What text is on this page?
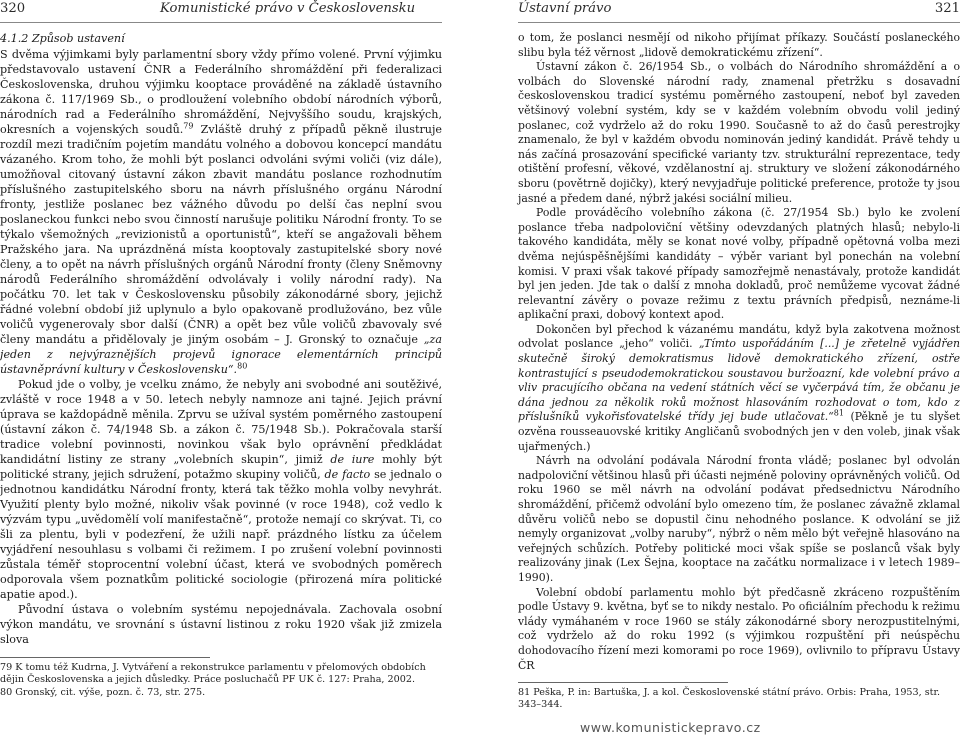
320	Komunistické právo v Československu
4.1.2 Způsob ustavení

S dvěma výjimkami byly parlamentní sbory vždy přímo volené. První výjimku představovalo ustavení ČNR a Federálního shromáždění při federalizaci Československa, druhou výjimku kooptace prováděné na základě ústavního zákona č. 117/1969 Sb., o prodloužení volebního období národních výborů, národních rad a Federálního shromáždění, Nejvyššího soudu, krajských, okresních a vojenských soudů.$^{79}$ Zvláště druhý z případů pěkně ilustruje rozdíl mezi tradičním pojetím mandátu volného a dobovou koncepcí mandátu vázaného. Krom toho, že mohli být poslanci odvoláni svými voliči (viz dále), umožňoval citovaný ústavní zákon zbavit mandátu poslance rozhodnutím příslušného zastupitelského sboru na návrh příslušného orgánu Národní fronty, jestliže poslanec bez vážného důvodu po delší čas neplní svou poslaneckou funkci nebo svou činností narušuje politiku Národní fronty. To se týkalo všemožných „revizionistů a oportunistů“, kteří se angažovali během Pražského jara. Na uprázdněná místa kooptovaly zastupitelské sbory nové členy, a to opět na návrh příslušných orgánů Národní fronty (členy Sněmovny národů Federálního shromáždění odvolávaly i volily národní rady). Na počátku 70. let tak v Československu působily zákonodárné sbory, jejichž řádné volební období již uplynulo a bylo opakovaně prodlužováno, bez vůle voličů vygenerovaly sbor další (ČNR) a opět bez vůle voličů zbavovaly své členy mandátu a přidělovaly je jiným osobám – J. Gronský to označuje „za jeden z nejvýraznějších projevů ignorace elementárních principů ústavněprávní kultury v Československu“.$^{80}$

Pokud jde o volby, je vcelku známo, že nebyly ani svobodné ani soutěživé, zvláště v roce 1948 a v 50. letech nebyly namnoze ani tajné. Jejich právní úprava se každopádně měnila. Zprvu se užíval systém poměrného zastoupení (ústavní zákon č. 74/1948 Sb. a zákon č. 75/1948 Sb.). Pokračovala starší tradice volební povinnosti, novinkou však bylo oprávnění předkládat kandidátní listiny ze strany „volebních skupin“, jimiž de iure mohly být politické strany, jejich sdružení, potažmo skupiny voličů, de facto se jednalo o jednotnou kandidátku Národní fronty, která tak těžko mohla volby nevyhrát. Využití plenty bylo možné, nikoliv však povinné (v roce 1948), což vedlo k výzvám typu „uvědomělí volí manifestačně“, protože nemají co skrývat. Ti, co šli za plentu, byli v podezření, že užili např. prázdného lístku za účelem vyjádření nesouhlasu s volbami či režimem. I po zrušení volební povinnosti zůstala téměř stoprocentní volební účast, která ve svobodných poměrech odporovala všem poznatkům politické sociologie (přirozená míra politické apatie apod.).

Původní ústava o volebním systému nepojednávala. Zachovala osobní výkon mandátu, ve srovnání s ústavní listinou z roku 1920 však již zmizela slova

79 K tomu též Kudrna, J. Vytváření a rekonstrukce parlamentu v přelomových obdobích dějin Československa a jejich důsledky. Práce posluchačů PF UK č. 127: Praha, 2002.
80 Gronský, cit. výše, pozn. č. 73, str. 275.
Ústavní právo	321

o tom, že poslanci nesmějí od nikoho přijímat příkazy. Součástí poslaneckého slibu byla též věrnost „lidově demokratickému zřízení“.

Ústavní zákon č. 26/1954 Sb., o volbách do Národního shromáždění a o volbách do Slovenské národní rady, znamenal přetržku s dosavadní československou tradicí systému poměrného zastoupení, neboť byl zaveden většinový volební systém, kdy se v každém volebním obvodu volil jediný poslanec, což vydrželo až do roku 1990. Současně to až do časů perestrojky znamenalo, že byl v každém obvodu nominován jediný kandidát. Právě tehdy u nás začíná prosazování specifické varianty tzv. strukturální reprezentace, tedy otištění profesní, věkové, vzdělanostní aj. struktury ve složení zákonodárného sboru (povětrně dojičky), který nevyjadřuje politické preference, protože ty jsou jasné a předem dané, nýbrž jakési sociální milieu.

Podle prováděcího volebního zákona (č. 27/1954 Sb.) bylo ke zvolení poslance třeba nadpoloviční většiny odevzdaných platných hlasů; nebylo-li takového kandidáta, měly se konat nové volby, případně opětovná volba mezi dvěma nejúspěšnějšími kandidáty – výběr variant byl ponechán na volební komisi. V praxi však takové případy samozřejmě nenastávaly, protože kandidát byl jen jeden. Jde tak o další z mnoha dokladů, proč nemůžeme vycovat žádné relevantní závěry o povaze režimu z textu právních předpisů, neznáme-li aplikační praxi, dobový kontext apod.

Dokončen byl přechod k vázanému mandátu, když byla zakotvena možnost odvolat poslance „jeho“ voliči. „Tímto uspořádáním [...] je zřetelně vyjádřen skutečně široký demokratismus lidově demokratického zřízení, ostře kontrastující s pseudodemokratickou soustavou buržoazní, kde volební právo a vliv pracujícího občana na vedení státních věcí se vyčerpává tím, že občanu je dána jednou za několik roků možnost hlasováním rozhodovat o tom, kdo z příslušníků vykořisťovatelské třídy jej bude utlačovat.“$^{81}$ (Pěkně je tu slyšet ozvěna rousseauovské kritiky Angličanů svobodných jen v den voleb, jinak však ujařmených.)

Návrh na odvolání podávala Národní fronta vládě; poslanec byl odvolán nadpoloviční většinou hlasů při účasti nejméně poloviny oprávněných voličů. Od roku 1960 se měl návrh na odvolání podávat předsednictvu Národního shromáždění, přičemž odvolání bylo omezeno tím, že poslanec závažně zklamal důvěru voličů nebo se dopustil činu nehodného poslance. K odvolání se již nemyly organizovat „volby naruby“, nýbrž o něm mělo být veřejně hlasováno na veřejných schůzích. Potřeby politické moci však spíše se poslanců však byly realizovány jinak (Lex Šejna, kooptace na začátku normalizace i v letech 1989–1990).

Volební období parlamentu mohlo být předčasně zkráceno rozpuštěním podle Ústavy 9. května, byť se to nikdy nestalo. Po oficiálním přechodu k režimu vlády vymáhaném v roce 1960 se stály zákonodárné sbory nerozpustitelnými, což vydrželo až do roku 1992 (s výjimkou rozpuštění při neúspěchu dohodovacího řízení mezi komorami po roce 1969), ovlivnilo to přípravu Ústavy ČR

81 Peška, P. in: Bartuška, J. a kol. Československé státní právo. Orbis: Praha, 1953, str. 343–344.
www.komunistickepravo.cz
